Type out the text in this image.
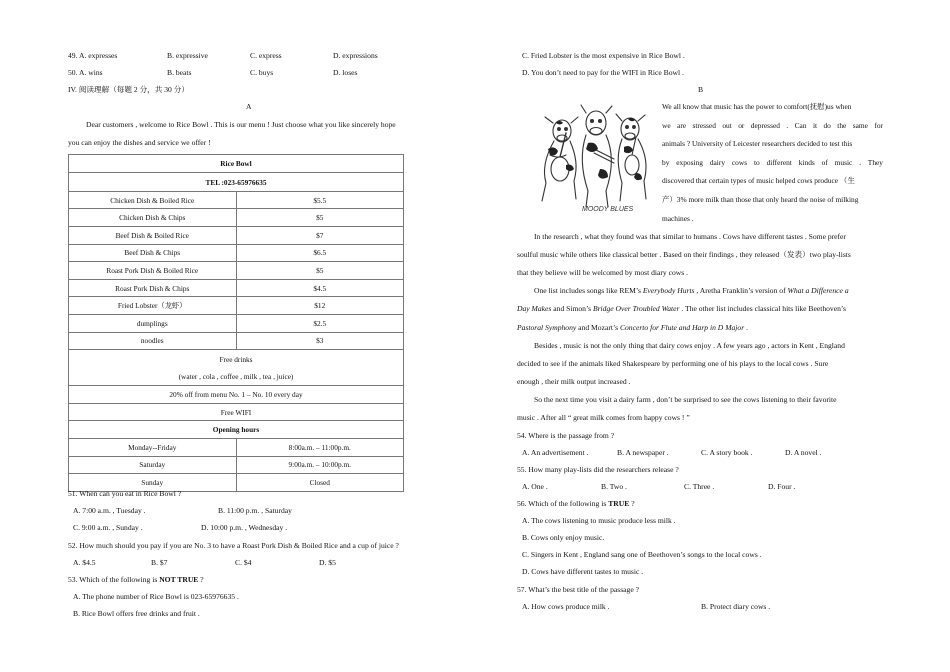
49. A. expresses	B. expressive	C. express	D. expressions
50. A. wins	B. beats	C. buys	D. loses
IV. 阅读理解（每题 2 分，共 30 分）
A
Dear customers , welcome to Rice Bowl . This is our menu ! Just choose what you like sincerely hope
you can enjoy the dishes and service we offer !
Rice Bowl	
TEL :023-65976635	
Chicken Dish & Boiled Rice	$5.5
Chicken Dish & Chips	$5
Beef Dish & Boiled Rice	$7
Beef Dish & Chips	$6.5
Roast Pork Dish & Boiled Rice	$5
Roast Pork Dish & Chips	$4.5
Fried Lobster（龙虾）	$12
dumplings	$2.5
noodles	$3

Free drinks
(water , cola , coffee , milk , tea , juice)	

20% off from menu No. 1 – No. 10 every day	
Free WIFI	
Opening hours	
Monday--Friday	8:00a.m. – 11:00p.m.
Saturday	9:00a.m. – 10:00p.m.
Sunday	Closed
51. When can you eat in Rice Bowl ?
A. 7:00 a.m. , Tuesday .	B. 11:00 p.m. , Saturday
C. 9:00 a.m. , Sunday .	D. 10:00 p.m. , Wednesday .
52. How much should you pay if you are No. 3 to have a Roast Pork Dish & Boiled Rice and a cup of juice ?
A. $4.5	B. $7	C. $4	D. $5
53. Which of the following is NOT TRUE ?
A. The phone number of Rice Bowl is 023-65976635 .
B. Rice Bowl offers free drinks and fruit .
C. Fried Lobster is the most expensive in Rice Bowl .
D. You don’t need to pay for the WIFI in Rice Bowl .
B
MOODY BLUES
We all know that music has the power to comfort(抚慰)us when
we are stressed out or depressed . Can it do the same for
animals ? University of Leicester researchers decided to test this
by exposing dairy cows to different kinds of music . They
discovered that certain types of music helped cows produce （生
产）3% more milk than those that only heard the noise of milking
machines .
In the research , what they found was that similar to humans . Cows have different tastes . Some prefer
soulful music while others like classical better . Based on their findings , they released（发表）two play-lists
that they believe will be welcomed by most diary cows .
One list includes songs like REM’s Everybody Hurts , Aretha Franklin’s version of What a Difference a
Day Makes and Simon’s Bridge Over Troubled Water . The other list includes classical hits like Beethoven’s
Pastoral Symphony and Mozart’s Concerto for Flute and Harp in D Major .
Besides , music is not the only thing that dairy cows enjoy . A few years ago , actors in Kent , England
decided to see if the animals liked Shakespeare by performing one of his plays to the local cows . Sure
enough , their milk output increased .
So the next time you visit a dairy farm , don’t be surprised to see the cows listening to their favorite
music . After all “ great milk comes from happy cows ! ”
54. Where is the passage from ?
A. An advertisement .	B. A newspaper .	C. A story book .	D. A novel .
55. How many play-lists did the researchers release ?
A. One .	B. Two .	C. Three .	D. Four .
56. Which of the following is TRUE ?
A. The cows listening to music produce less milk .
B. Cows only enjoy music.
C. Singers in Kent , England sang one of Beethoven’s songs to the local cows .
D. Cows have different tastes to music .
57. What’s the best title of the passage ?
A. How cows produce milk .	B. Protect diary cows .
